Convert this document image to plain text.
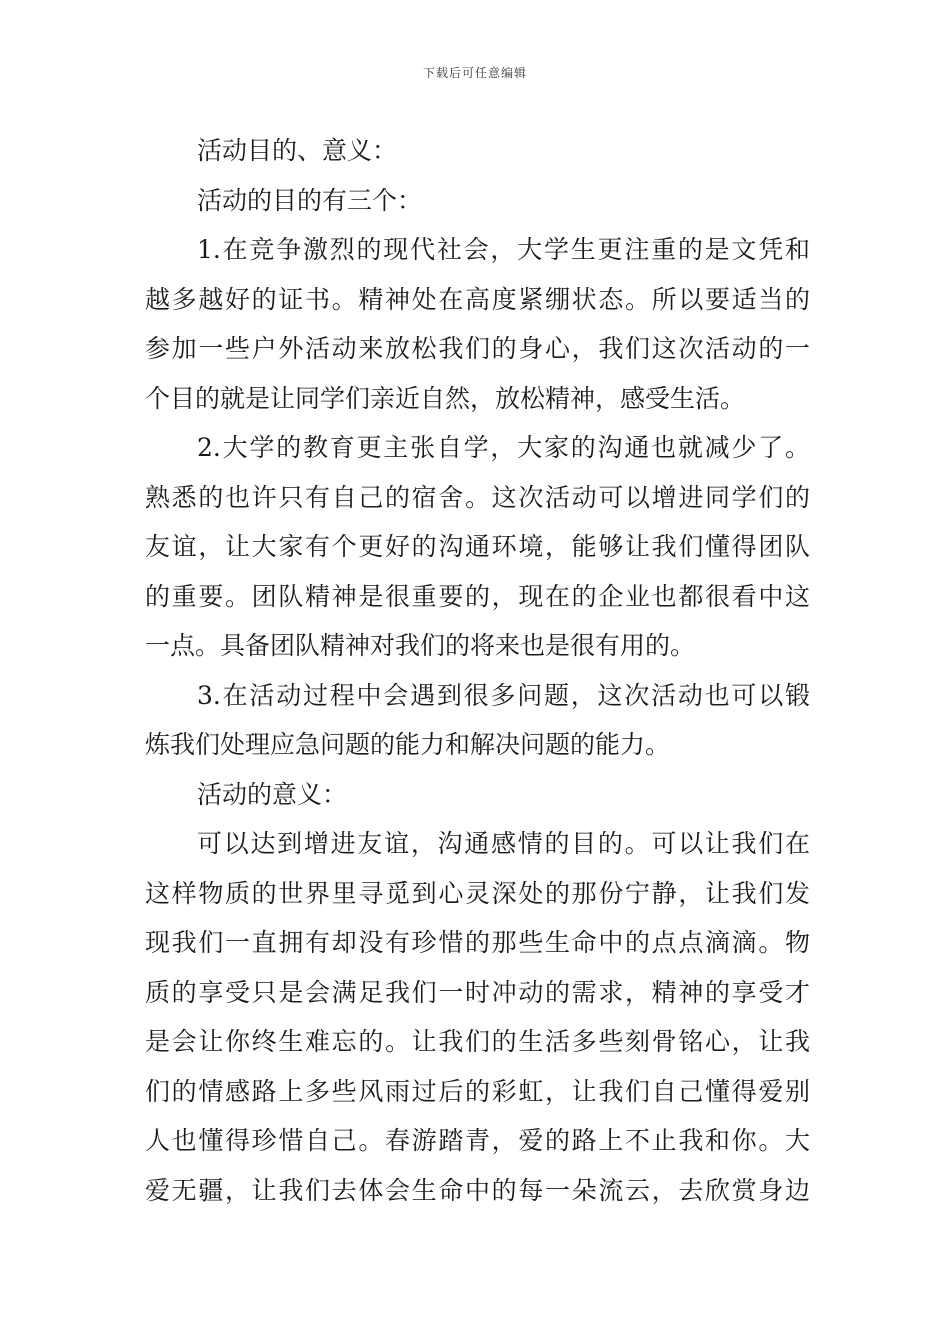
下载后可任意编辑
活动目的、意义：
活动的目的有三个：
1.在竞争激烈的现代社会，大学生更注重的是文凭和
越多越好的证书。精神处在高度紧绷状态。所以要适当的
参加一些户外活动来放松我们的身心，我们这次活动的一
个目的就是让同学们亲近自然，放松精神，感受生活。
2.大学的教育更主张自学，大家的沟通也就减少了。
熟悉的也许只有自己的宿舍。这次活动可以增进同学们的
友谊，让大家有个更好的沟通环境，能够让我们懂得团队
的重要。团队精神是很重要的，现在的企业也都很看中这
一点。具备团队精神对我们的将来也是很有用的。
3.在活动过程中会遇到很多问题，这次活动也可以锻
炼我们处理应急问题的能力和解决问题的能力。
活动的意义：
可以达到增进友谊，沟通感情的目的。可以让我们在
这样物质的世界里寻觅到心灵深处的那份宁静，让我们发
现我们一直拥有却没有珍惜的那些生命中的点点滴滴。物
质的享受只是会满足我们一时冲动的需求，精神的享受才
是会让你终生难忘的。让我们的生活多些刻骨铭心，让我
们的情感路上多些风雨过后的彩虹，让我们自己懂得爱别
人也懂得珍惜自己。春游踏青，爱的路上不止我和你。大
爱无疆，让我们去体会生命中的每一朵流云，去欣赏身边
